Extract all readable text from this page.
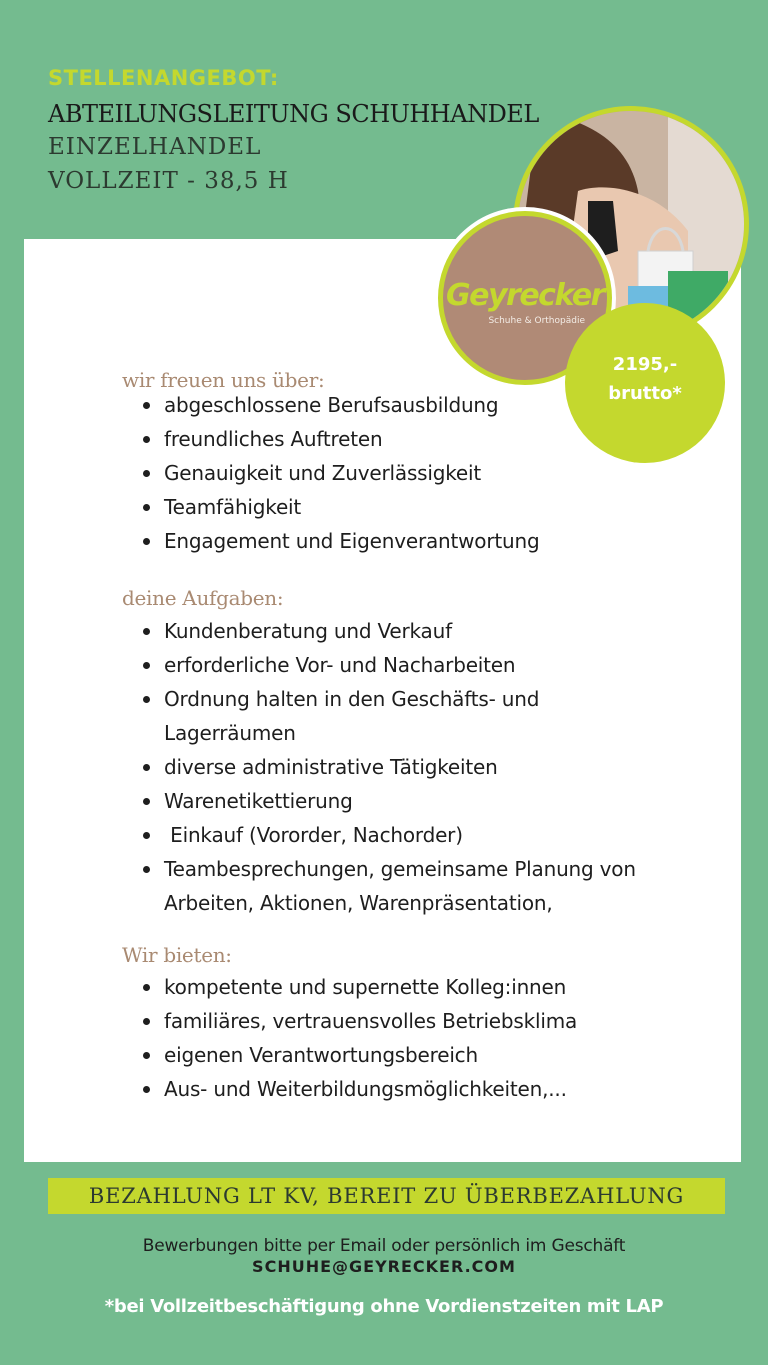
STELLENANGEBOT:
ABTEILUNGSLEITUNG SCHUHHANDEL
EINZELHANDEL
VOLLZEIT - 38,5 H
Geyrecker
Schuhe & Orthopädie
2195,-
brutto*
wir freuen uns über:
abgeschlossene Berufsausbildung
freundliches Auftreten
Genauigkeit und Zuverlässigkeit
Teamfähigkeit
Engagement und Eigenverantwortung
deine Aufgaben:
Kundenberatung und Verkauf
erforderliche Vor- und Nacharbeiten
Ordnung halten in den Geschäfts- und Lagerräumen
diverse administrative Tätigkeiten
Warenetikettierung
Einkauf (Vororder, Nachorder)
Teambesprechungen, gemeinsame Planung von Arbeiten, Aktionen, Warenpräsentation,
Wir bieten:
kompetente und supernette Kolleg:innen
familiäres, vertrauensvolles Betriebsklima
eigenen Verantwortungsbereich
Aus- und Weiterbildungsmöglichkeiten,...
BEZAHLUNG LT KV, BEREIT ZU ÜBERBEZAHLUNG
Bewerbungen bitte per Email oder persönlich im Geschäft
SCHUHE@GEYRECKER.COM
*bei Vollzeitbeschäftigung ohne Vordienstzeiten mit LAP
